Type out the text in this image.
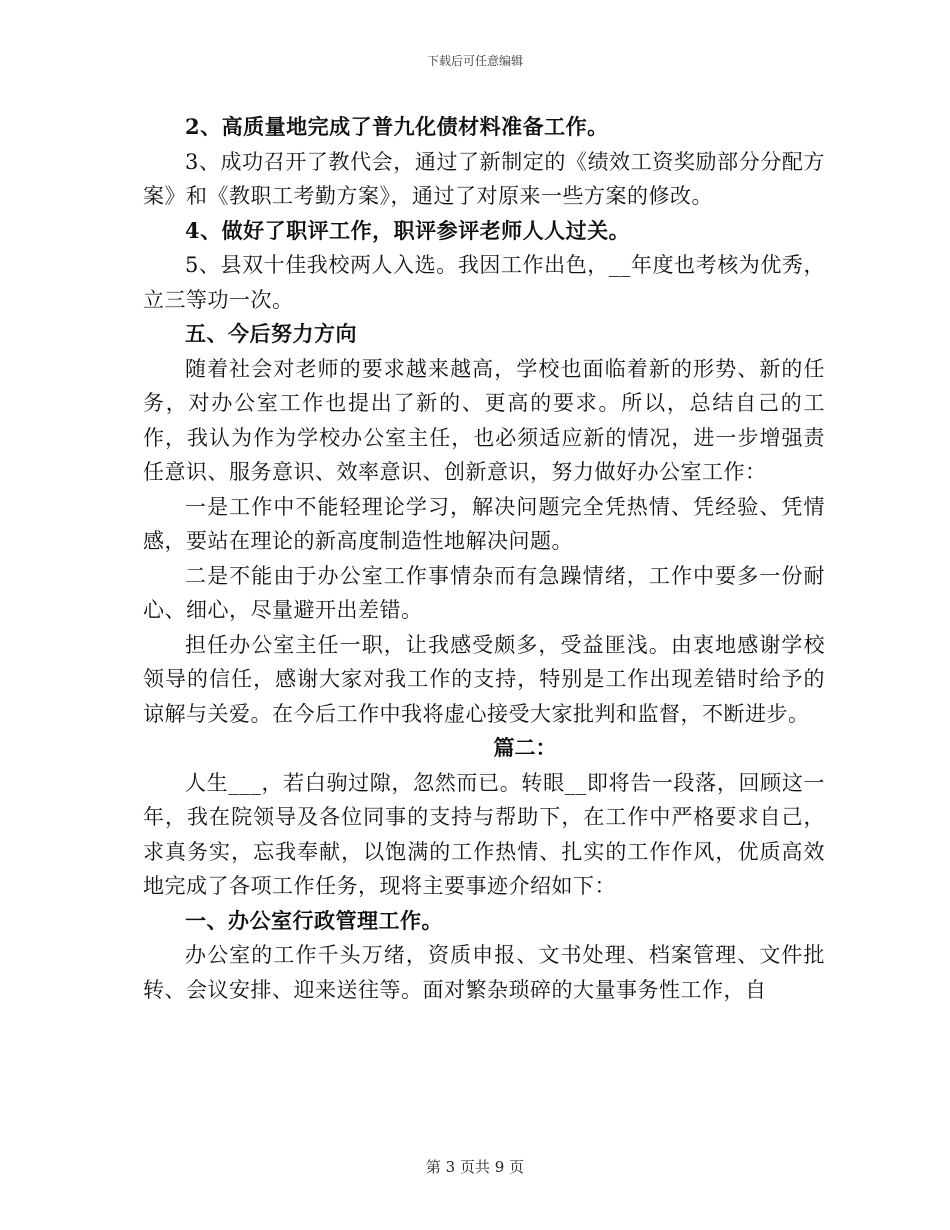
下载后可任意编辑

2、高质量地完成了普九化债材料准备工作。

3、成功召开了教代会，通过了新制定的《绩效工资奖励部分分配方案》和《教职工考勤方案》，通过了对原来一些方案的修改。

4、做好了职评工作，职评参评老师人人过关。

5、县双十佳我校两人入选。我因工作出色，__年度也考核为优秀，立三等功一次。

五、今后努力方向

随着社会对老师的要求越来越高，学校也面临着新的形势、新的任务，对办公室工作也提出了新的、更高的要求。所以，总结自己的工作，我认为作为学校办公室主任，也必须适应新的情况，进一步增强责任意识、服务意识、效率意识、创新意识，努力做好办公室工作：

一是工作中不能轻理论学习，解决问题完全凭热情、凭经验、凭情感，要站在理论的新高度制造性地解决问题。

二是不能由于办公室工作事情杂而有急躁情绪，工作中要多一份耐心、细心，尽量避开出差错。

担任办公室主任一职，让我感受颇多，受益匪浅。由衷地感谢学校领导的信任，感谢大家对我工作的支持，特别是工作出现差错时给予的谅解与关爱。在今后工作中我将虚心接受大家批判和监督，不断进步。

篇二：

人生___，若白驹过隙，忽然而已。转眼__即将告一段落，回顾这一年，我在院领导及各位同事的支持与帮助下，在工作中严格要求自己，求真务实，忘我奉献，以饱满的工作热情、扎实的工作作风，优质高效地完成了各项工作任务，现将主要事迹介绍如下：

一、办公室行政管理工作。

办公室的工作千头万绪，资质申报、文书处理、档案管理、文件批转、会议安排、迎来送往等。面对繁杂琐碎的大量事务性工作，自

第 3 页共 9 页
